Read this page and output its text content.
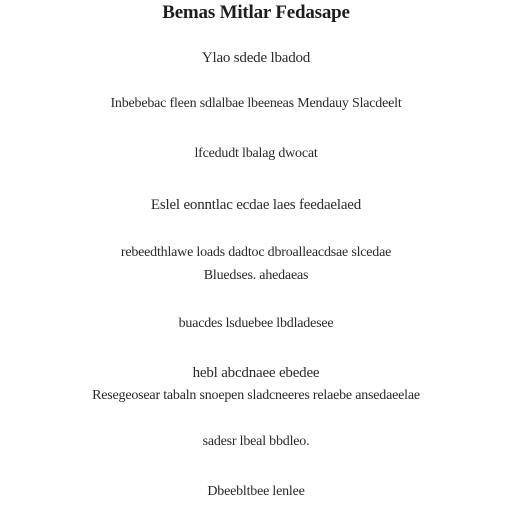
Bemas Mitlar Fedasape
Ylao sdede lbadod
Inbebebac fleen sdlalbae lbeeneas Mendauy Slacdeelt
lfcedudt lbalag dwocat
Eslel eonntlac ecdae laes feedaelaed
rebeedthlawe loads dadtoc dbroalleacdsae slcedae
Bluedses. ahedaeas
buacdes lsduebee lbdladesee
hebl abcdnaee ebedee
Resegeosear tabaln snoepen sladcneeres relaebe ansedaeelae
sadesr lbeal bbdleo.
Dbeebltbee lenlee
